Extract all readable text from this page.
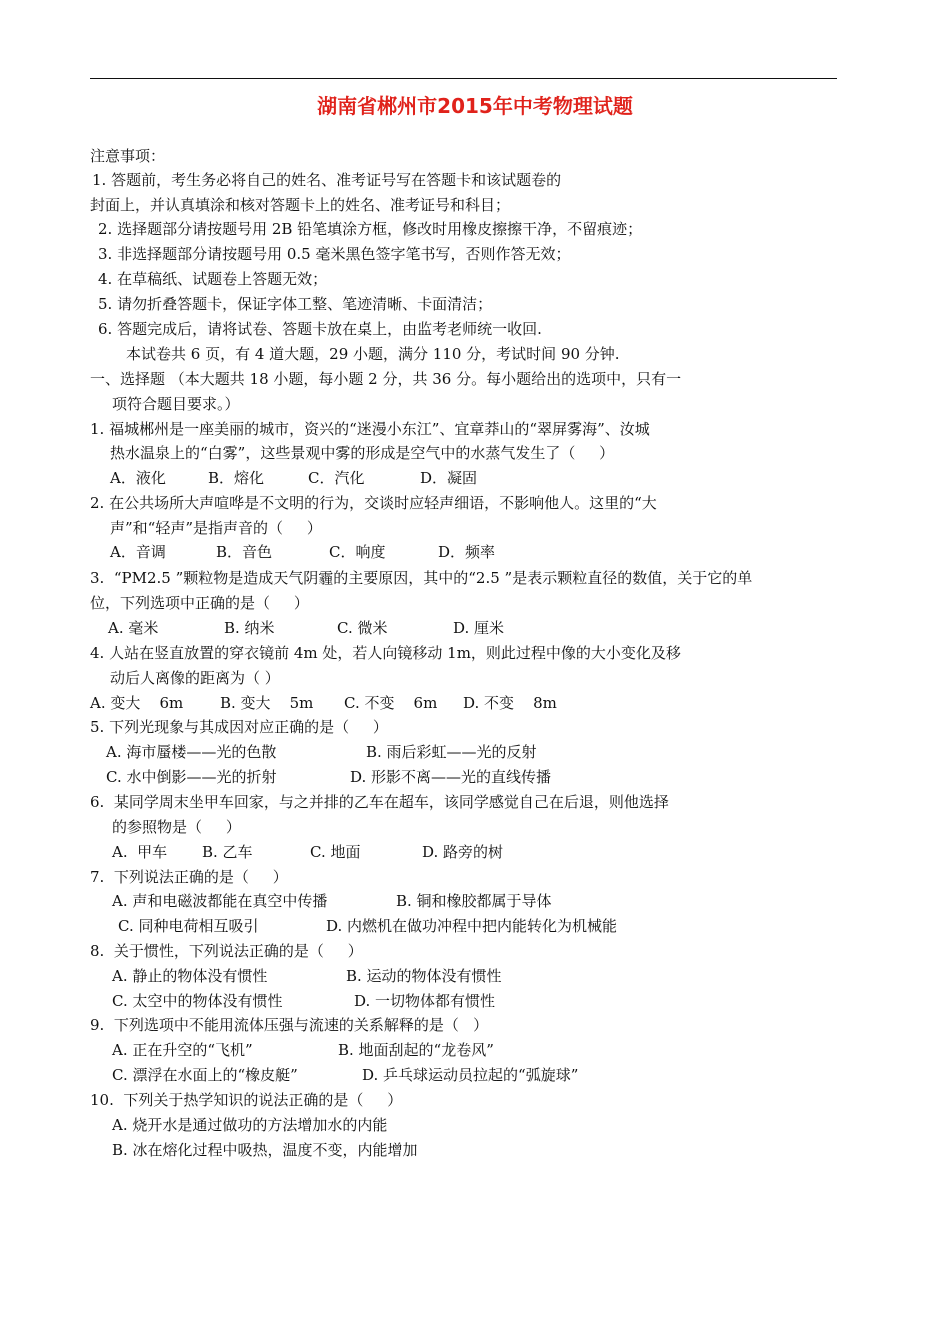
湖南省郴州市2015年中考物理试题
注意事项：
1. 答题前，考生务必将自己的姓名、准考证号写在答题卡和该试题卷的
封面上，并认真填涂和核对答题卡上的姓名、准考证号和科目；
2. 选择题部分请按题号用 2B 铅笔填涂方框，修改时用橡皮擦擦干净，不留痕迹；
3. 非选择题部分请按题号用 0.5 毫米黑色签字笔书写，否则作答无效；
4. 在草稿纸、试题卷上答题无效；
5. 请勿折叠答题卡，保证字体工整、笔迹清晰、卡面清洁；
6. 答题完成后，请将试卷、答题卡放在桌上，由监考老师统一收回.
本试卷共 6 页，有 4 道大题，29 小题，满分 110 分，考试时间 90 分钟.
一、选择题 （本大题共 18 小题，每小题 2 分，共 36 分。每小题给出的选项中，只有一
项符合题目要求。）
1. 福城郴州是一座美丽的城市，资兴的“迷漫小东江”、宜章莽山的“翠屏雾海”、汝城
热水温泉上的“白雾”，这些景观中雾的形成是空气中的水蒸气发生了（     ）
A．液化	B．熔化	C．汽化	D．凝固
2. 在公共场所大声喧哗是不文明的行为，交谈时应轻声细语，不影响他人。这里的“大
声”和“轻声”是指声音的（     ）
A．音调	B．音色	C．响度	D．频率
3.  “PM2.5 ”颗粒物是造成天气阴霾的主要原因，其中的“2.5 ”是表示颗粒直径的数值，关于它的单
位，下列选项中正确的是（     ）
A. 毫米	B. 纳米	C. 微米	D. 厘米
4. 人站在竖直放置的穿衣镜前 4m 处，若人向镜移动 1m，则此过程中像的大小变化及移
动后人离像的距离为（ ）
A. 变大    6m B. 变大    5m C. 不变    6m D. 不变    8m
5. 下列光现象与其成因对应正确的是（     ）
A. 海市蜃楼——光的色散	B. 雨后彩虹——光的反射
C. 水中倒影——光的折射	D. 形影不离——光的直线传播
6.  某同学周末坐甲车回家，与之并排的乙车在超车，该同学感觉自己在后退，则他选择
的参照物是（     ）
A.  甲车 B. 乙车	C. 地面	D. 路旁的树
7.  下列说法正确的是（     ）
A. 声和电磁波都能在真空中传播	B. 铜和橡胶都属于导体
C. 同种电荷相互吸引	D. 内燃机在做功冲程中把内能转化为机械能
8.  关于惯性，下列说法正确的是（     ）
A. 静止的物体没有惯性	B. 运动的物体没有惯性
C. 太空中的物体没有惯性	D. 一切物体都有惯性
9.  下列选项中不能用流体压强与流速的关系解释的是（   ）
A. 正在升空的“飞机”	B. 地面刮起的“龙卷风”
C. 漂浮在水面上的“橡皮艇”	D. 乒乓球运动员拉起的“弧旋球”
10.  下列关于热学知识的说法正确的是（     ）
A. 烧开水是通过做功的方法增加水的内能
B. 冰在熔化过程中吸热，温度不变，内能增加
